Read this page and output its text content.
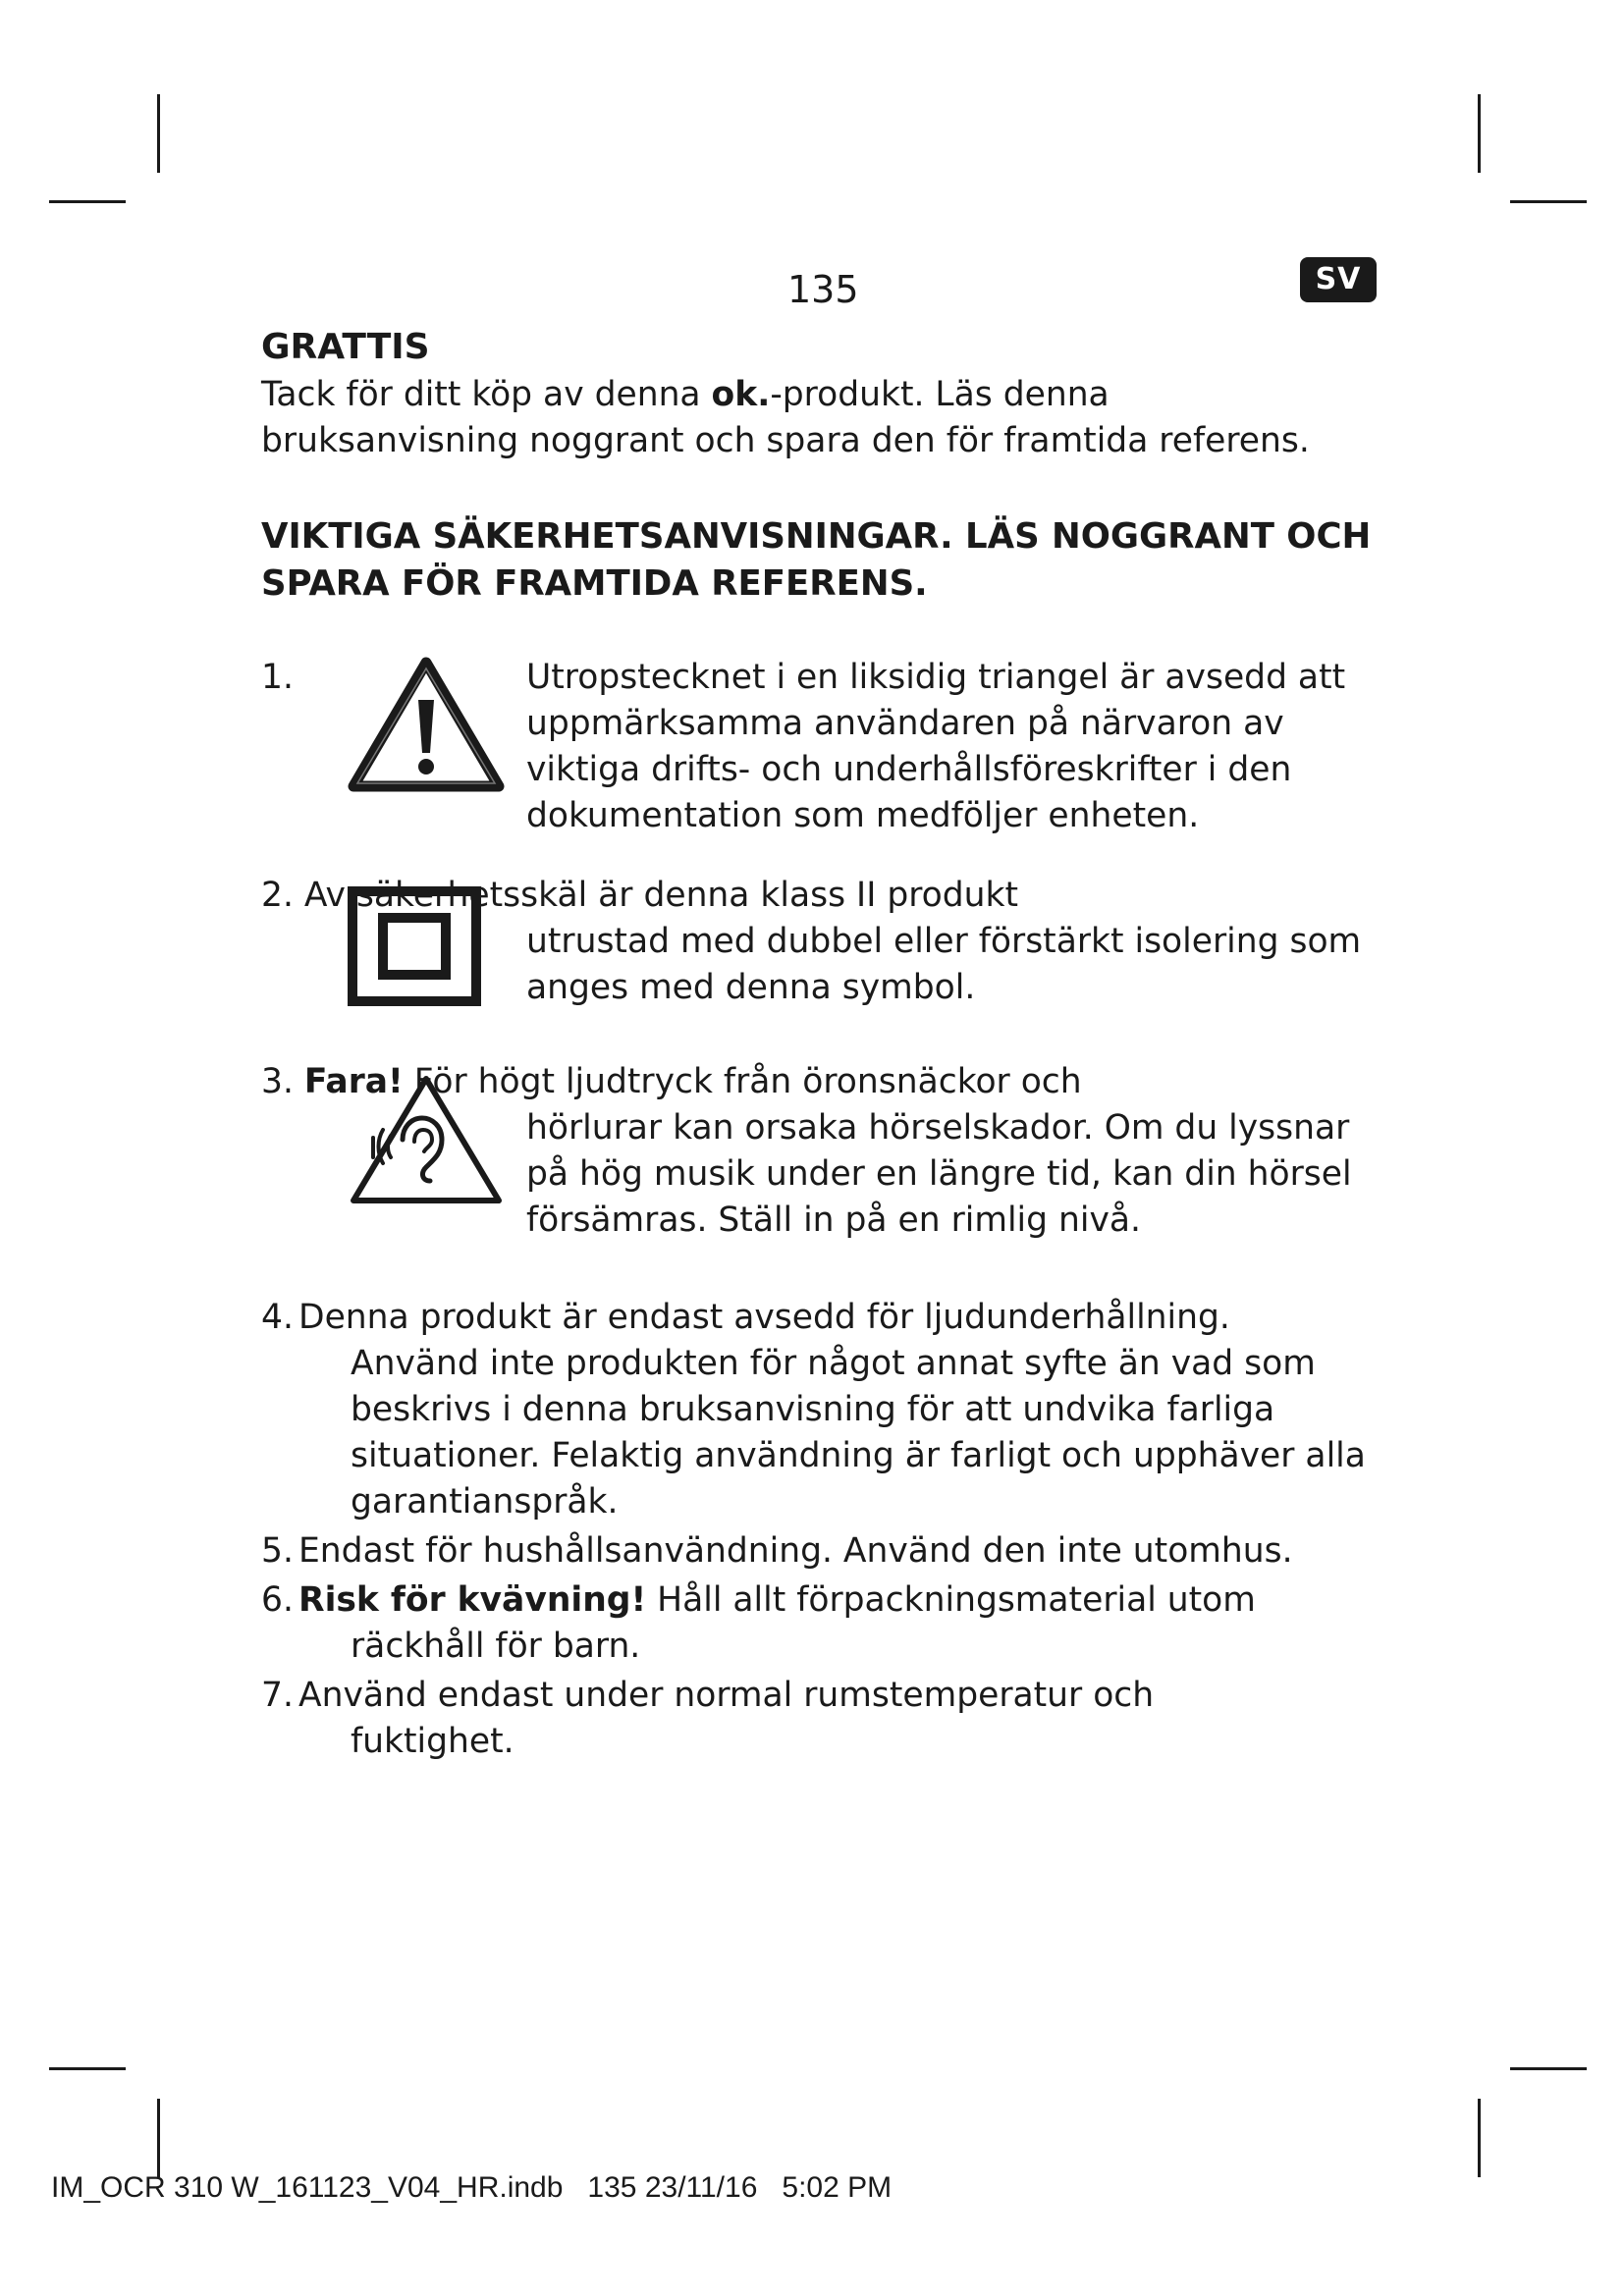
135	SV
GRATTIS

Tack för ditt köp av denna ok.-produkt. Läs denna
bruksanvisning noggrant och spara den för framtida referens.

VIKTIGA SÄKERHETSANVISNINGAR. LÄS NOGGRANT OCH
SPARA FÖR FRAMTIDA REFERENS.
1.	Utropstecknet i en liksidig triangel är avsedd att
uppmärksamma användaren på närvaron av
viktiga drifts- och underhållsföreskrifter i den
dokumentation som medföljer enheten.
2. Av säkerhetsskäl är denna klass II produkt
utrustad med dubbel eller förstärkt isolering som
anges med denna symbol.
3. Fara! För högt ljudtryck från öronsnäckor och
hörlurar kan orsaka hörselskador. Om du lyssnar
på hög musik under en längre tid, kan din hörsel
försämras. Ställ in på en rimlig nivå.
4. Denna produkt är endast avsedd för ljudunderhållning.
Använd inte produkten för något annat syfte än vad som
beskrivs i denna bruksanvisning för att undvika farliga
situationer. Felaktig användning är farligt och upphäver alla
garantianspråk.
5. Endast för hushållsanvändning. Använd den inte utomhus.
6. Risk för kvävning! Håll allt förpackningsmaterial utom
räckhåll för barn.
7. Använd endast under normal rumstemperatur och
fuktighet.
IM_OCR 310 W_161123_V04_HR.indb   135 23/11/16   5:02 PM
